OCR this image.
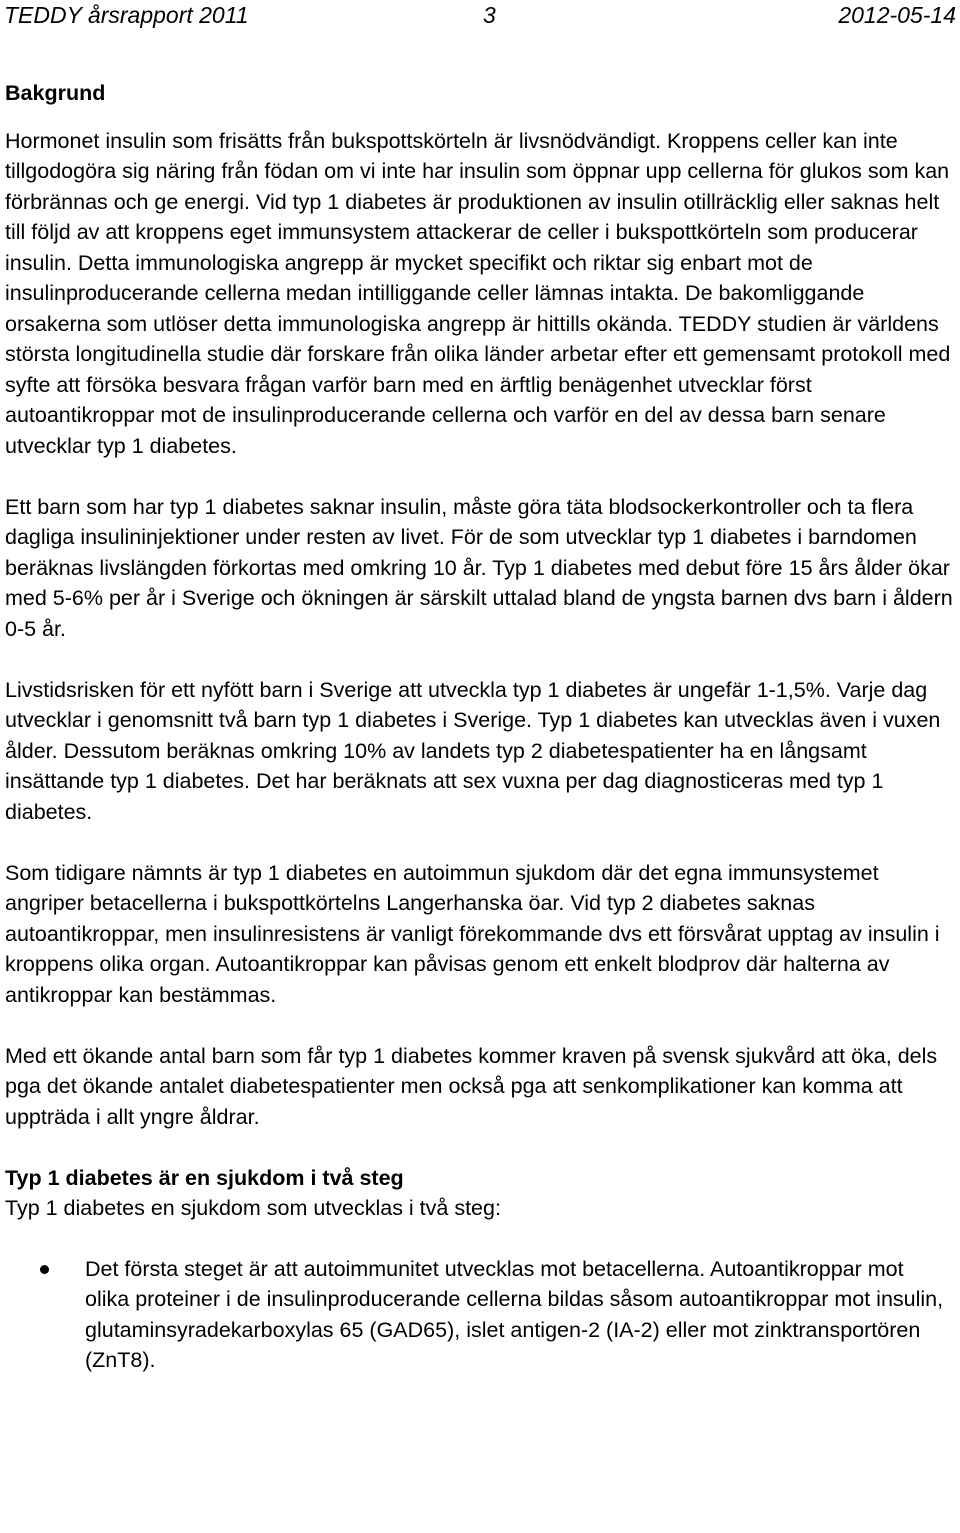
TEDDY årsrapport 2011	3	2012-05-14
Bakgrund

Hormonet insulin som frisätts från bukspottskörteln är livsnödvändigt. Kroppens celler kan inte tillgodogöra sig näring från födan om vi inte har insulin som öppnar upp cellerna för glukos som kan förbrännas och ge energi. Vid typ 1 diabetes är produktionen av insulin otillräcklig eller saknas helt till följd av att kroppens eget immunsystem attackerar de celler i bukspottkörteln som producerar insulin. Detta immunologiska angrepp är mycket specifikt och riktar sig enbart mot de insulinproducerande cellerna medan intilliggande celler lämnas intakta. De bakomliggande orsakerna som utlöser detta immunologiska angrepp är hittills okända. TEDDY studien är världens största longitudinella studie där forskare från olika länder arbetar efter ett gemensamt protokoll med syfte att försöka besvara frågan varför barn med en ärftlig benägenhet utvecklar först autoantikroppar mot de insulinproducerande cellerna och varför en del av dessa barn senare utvecklar typ 1 diabetes.

Ett barn som har typ 1 diabetes saknar insulin, måste göra täta blodsockerkontroller och ta flera dagliga insulininjektioner under resten av livet. För de som utvecklar typ 1 diabetes i barndomen beräknas livslängden förkortas med omkring 10 år. Typ 1 diabetes med debut före 15 års ålder ökar med 5-6% per år i Sverige och ökningen är särskilt uttalad bland de yngsta barnen dvs barn i åldern 0-5 år.

Livstidsrisken för ett nyfött barn i Sverige att utveckla typ 1 diabetes är ungefär 1-1,5%. Varje dag utvecklar i genomsnitt två barn typ 1 diabetes i Sverige. Typ 1 diabetes kan utvecklas även i vuxen ålder. Dessutom beräknas omkring 10% av landets typ 2 diabetespatienter ha en långsamt insättande typ 1 diabetes. Det har beräknats att sex vuxna per dag diagnosticeras med typ 1 diabetes.

Som tidigare nämnts är typ 1 diabetes en autoimmun sjukdom där det egna immunsystemet angriper betacellerna i bukspottkörtelns Langerhanska öar. Vid typ 2 diabetes saknas autoantikroppar, men insulinresistens är vanligt förekommande dvs ett försvårat upptag av insulin i kroppens olika organ. Autoantikroppar kan påvisas genom ett enkelt blodprov där halterna av antikroppar kan bestämmas.

Med ett ökande antal barn som får typ 1 diabetes kommer kraven på svensk sjukvård att öka, dels pga det ökande antalet diabetespatienter men också pga att senkomplikationer kan komma att uppträda i allt yngre åldrar.

Typ 1 diabetes är en sjukdom i två steg

Typ 1 diabetes en sjukdom som utvecklas i två steg:

Det första steget är att autoimmunitet utvecklas mot betacellerna. Autoantikroppar mot olika proteiner i de insulinproducerande cellerna bildas såsom autoantikroppar mot insulin, glutaminsyradekarboxylas 65 (GAD65), islet antigen-2 (IA-2) eller mot zinktransportören (ZnT8).
